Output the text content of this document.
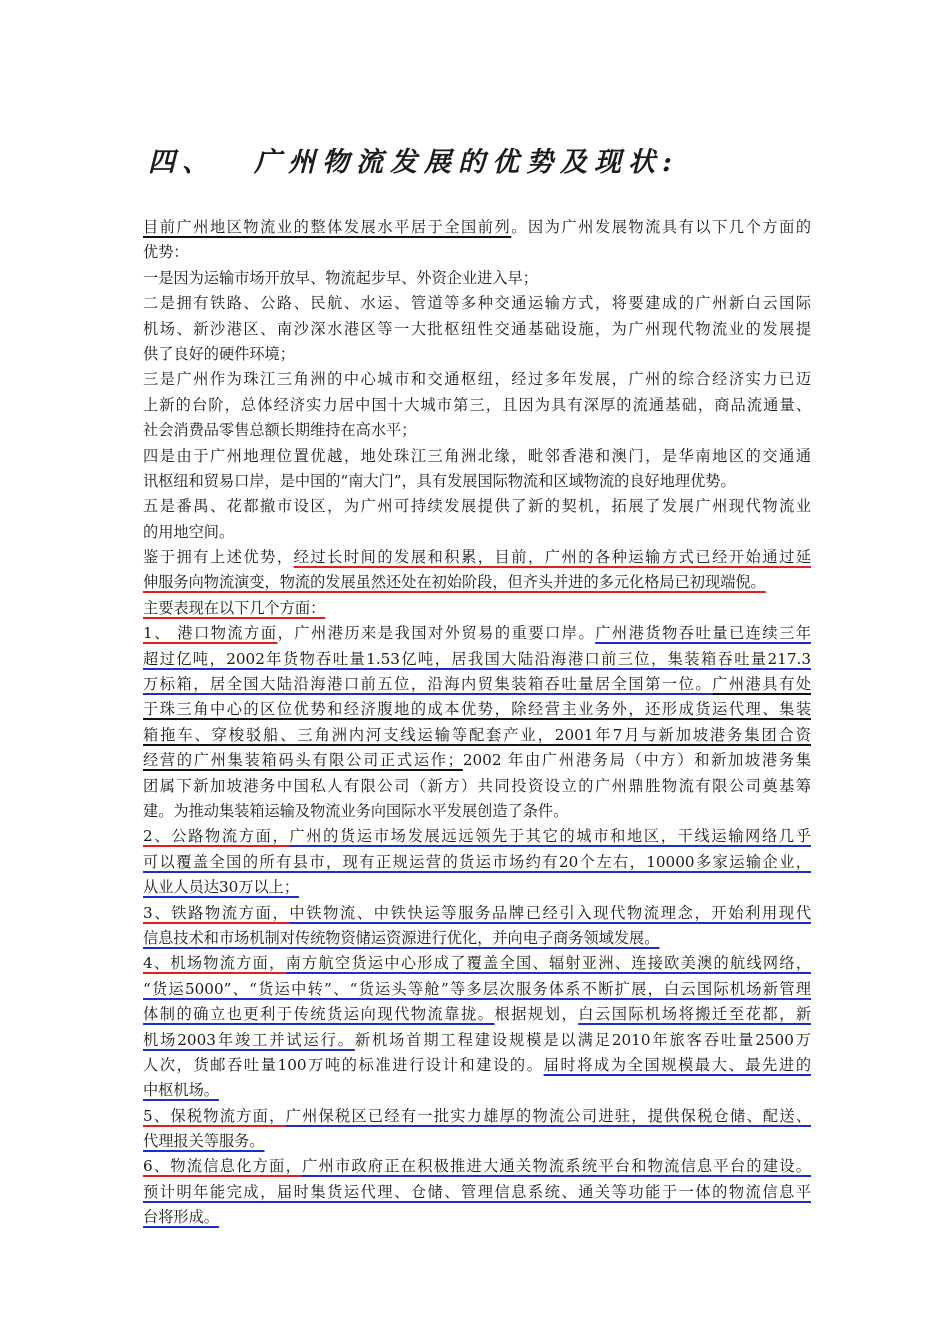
四、 广州物流发展的优势及现状:
目前广州地区物流业的整体发展水平居于全国前列。因为广州发展物流具有以下几个方面的
优势：
一是因为运输市场开放早、物流起步早、外资企业进入早；
二是拥有铁路、公路、民航、水运、管道等多种交通运输方式，将要建成的广州新白云国际
机场、新沙港区、南沙深水港区等一大批枢纽性交通基础设施，为广州现代物流业的发展提
供了良好的硬件环境；
三是广州作为珠江三角洲的中心城市和交通枢纽，经过多年发展，广州的综合经济实力已迈
上新的台阶，总体经济实力居中国十大城市第三，且因为具有深厚的流通基础，商品流通量、
社会消费品零售总额长期维持在高水平；
四是由于广州地理位置优越，地处珠江三角洲北缘，毗邻香港和澳门，是华南地区的交通通
讯枢纽和贸易口岸，是中国的“南大门”，具有发展国际物流和区域物流的良好地理优势。
五是番禺、花都撤市设区，为广州可持续发展提供了新的契机，拓展了发展广州现代物流业
的用地空间。
鉴于拥有上述优势，经过长时间的发展和积累，目前，广州的各种运输方式已经开始通过延
伸服务向物流演变，物流的发展虽然还处在初始阶段，但齐头并进的多元化格局已初现端倪。
主要表现在以下几个方面：
1、 港口物流方面，广州港历来是我国对外贸易的重要口岸。广州港货物吞吐量已连续三年
超过亿吨，2002年货物吞吐量1.53亿吨，居我国大陆沿海港口前三位，集装箱吞吐量217.3
万标箱，居全国大陆沿海港口前五位，沿海内贸集装箱吞吐量居全国第一位。广州港具有处
于珠三角中心的区位优势和经济腹地的成本优势，除经营主业务外，还形成货运代理、集装
箱拖车、穿梭驳船、三角洲内河支线运输等配套产业，2001年7月与新加坡港务集团合资
经营的广州集装箱码头有限公司正式运作；2002 年由广州港务局（中方）和新加坡港务集
团属下新加坡港务中国私人有限公司（新方）共同投资设立的广州鼎胜物流有限公司奠基筹
建。为推动集装箱运输及物流业务向国际水平发展创造了条件。
2、公路物流方面，广州的货运市场发展远远领先于其它的城市和地区，干线运输网络几乎
可以覆盖全国的所有县市，现有正规运营的货运市场约有20个左右，10000多家运输企业，
从业人员达30万以上；
3、铁路物流方面，中铁物流、中铁快运等服务品牌已经引入现代物流理念，开始利用现代
信息技术和市场机制对传统物资储运资源进行优化，并向电子商务领域发展。
4、机场物流方面，南方航空货运中心形成了覆盖全国、辐射亚洲、连接欧美澳的航线网络，
“货运5000”、“货运中转”、“货运头等舱”等多层次服务体系不断扩展，白云国际机场新管理
体制的确立也更利于传统货运向现代物流靠拢。根据规划，白云国际机场将搬迁至花都，新
机场2003年竣工并试运行。新机场首期工程建设规模是以满足2010年旅客吞吐量2500万
人次，货邮吞吐量100万吨的标准进行设计和建设的。届时将成为全国规模最大、最先进的
中枢机场。
5、保税物流方面，广州保税区已经有一批实力雄厚的物流公司进驻，提供保税仓储、配送、
代理报关等服务。
6、物流信息化方面，广州市政府正在积极推进大通关物流系统平台和物流信息平台的建设。
预计明年能完成，届时集货运代理、仓储、管理信息系统、通关等功能于一体的物流信息平
台将形成。
